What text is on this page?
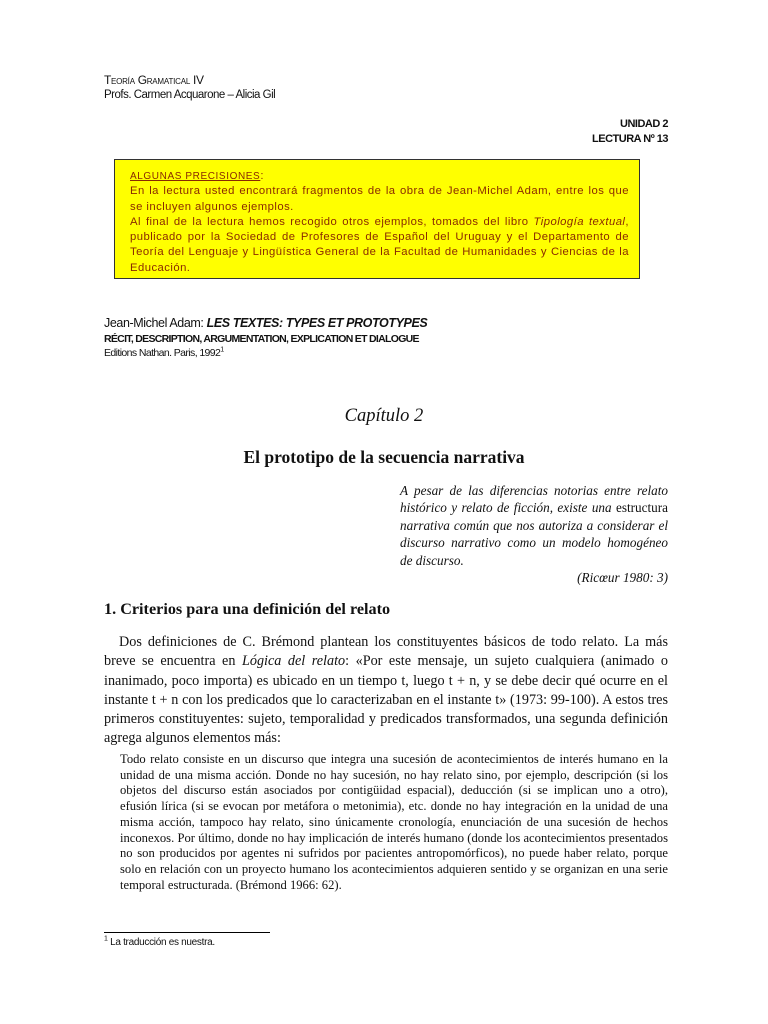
TEORÍA GRAMATICAL IV
Profs. Carmen Acquarone – Alicia Gil
UNIDAD 2
LECTURA Nº 13

ALGUNAS PRECISIONES:

En la lectura usted encontrará fragmentos de la obra de Jean-Michel Adam, entre los que se incluyen algunos ejemplos.

Al final de la lectura hemos recogido otros ejemplos, tomados del libro Tipología textual, publicado por la Sociedad de Profesores de Español del Uruguay y el Departamento de Teoría del Lenguaje y Lingüística General de la Facultad de Humanidades y Ciencias de la Educación.

Jean-Michel Adam: LES TEXTES: TYPES ET PROTOTYPES
RÉCIT, DESCRIPTION, ARGUMENTATION, EXPLICATION ET DIALOGUE
Editions Nathan. Paris, 1992$^1$
Capítulo 2
El prototipo de la secuencia narrativa
A pesar de las diferencias notorias entre relato histórico y relato de ficción, existe una estructura narrativa común que nos autoriza a considerar el discurso narrativo como un modelo homogéneo de discurso.
(Ricœur 1980: 3)
1. Criterios para una definición del relato
Dos definiciones de C. Brémond plantean los constituyentes básicos de todo relato. La más breve se encuentra en Lógica del relato: «Por este mensaje, un sujeto cualquiera (animado o inanimado, poco importa) es ubicado en un tiempo t, luego t + n, y se debe decir qué ocurre en el instante t + n con los predicados que lo caracterizaban en el instante t» (1973: 99-100). A estos tres primeros constituyentes: sujeto, temporalidad y predicados transformados, una segunda definición agrega algunos elementos más:
Todo relato consiste en un discurso que integra una sucesión de acontecimientos de interés humano en la unidad de una misma acción. Donde no hay sucesión, no hay relato sino, por ejemplo, descripción (si los objetos del discurso están asociados por contigüidad espacial), deducción (si se implican uno a otro), efusión lírica (si se evocan por metáfora o metonimia), etc. donde no hay integración en la unidad de una misma acción, tampoco hay relato, sino únicamente cronología, enunciación de una sucesión de hechos inconexos. Por último, donde no hay implicación de interés humano (donde los acontecimientos presentados no son producidos por agentes ni sufridos por pacientes antropomórficos), no puede haber relato, porque solo en relación con un proyecto humano los acontecimientos adquieren sentido y se organizan en una serie temporal estructurada. (Brémond 1966: 62).
$^1$ La traducción es nuestra.
